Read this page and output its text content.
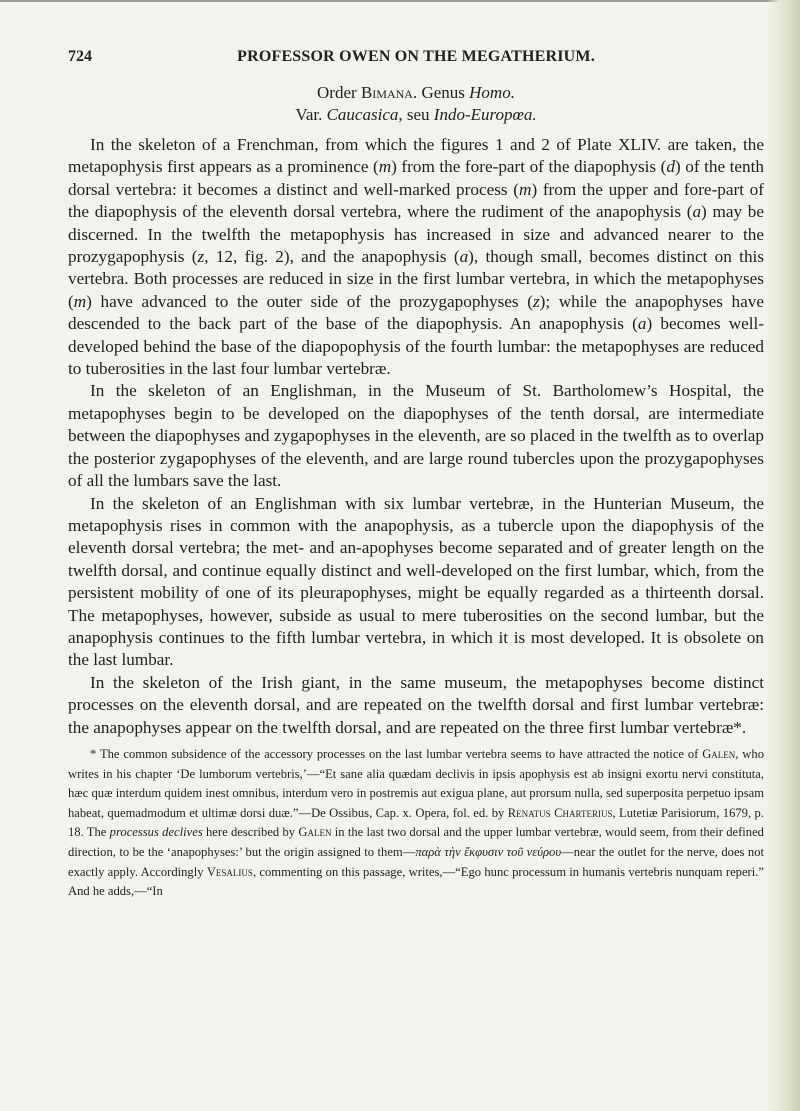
724	PROFESSOR OWEN ON THE MEGATHERIUM.
Order Bimana. Genus Homo.
Var. Caucasica, seu Indo-Europœa.

In the skeleton of a Frenchman, from which the figures 1 and 2 of Plate XLIV. are taken, the metapophysis first appears as a prominence (m) from the fore-part of the diapophysis (d) of the tenth dorsal vertebra: it becomes a distinct and well-marked process (m) from the upper and fore-part of the diapophysis of the eleventh dorsal vertebra, where the rudiment of the anapophysis (a) may be discerned. In the twelfth the metapophysis has increased in size and advanced nearer to the prozygapophysis (z, 12, fig. 2), and the anapophysis (a), though small, becomes distinct on this vertebra. Both processes are reduced in size in the first lumbar vertebra, in which the metapophyses (m) have advanced to the outer side of the prozygapophyses (z); while the anapophyses have descended to the back part of the base of the diapophysis. An anapophysis (a) becomes well-developed behind the base of the diapopophysis of the fourth lumbar: the metapophyses are reduced to tuberosities in the last four lumbar vertebræ.

In the skeleton of an Englishman, in the Museum of St. Bartholomew’s Hospital, the metapophyses begin to be developed on the diapophyses of the tenth dorsal, are intermediate between the diapophyses and zygapophyses in the eleventh, are so placed in the twelfth as to overlap the posterior zygapophyses of the eleventh, and are large round tubercles upon the prozygapophyses of all the lumbars save the last.

In the skeleton of an Englishman with six lumbar vertebræ, in the Hunterian Museum, the metapophysis rises in common with the anapophysis, as a tubercle upon the diapophysis of the eleventh dorsal vertebra; the met- and an-apophyses become separated and of greater length on the twelfth dorsal, and continue equally distinct and well-developed on the first lumbar, which, from the persistent mobility of one of its pleurapophyses, might be equally regarded as a thirteenth dorsal. The metapophyses, however, subside as usual to mere tuberosities on the second lumbar, but the anapophysis continues to the fifth lumbar vertebra, in which it is most developed. It is obsolete on the last lumbar.

In the skeleton of the Irish giant, in the same museum, the metapophyses become distinct processes on the eleventh dorsal, and are repeated on the twelfth dorsal and first lumbar vertebræ: the anapophyses appear on the twelfth dorsal, and are repeated on the three first lumbar vertebræ*.

* The common subsidence of the accessory processes on the last lumbar vertebra seems to have attracted the notice of Galen, who writes in his chapter ‘De lumborum vertebris,’—“Et sane alia quædam declivis in ipsis apophysis est ab insigni exortu nervi constituta, hæc quæ interdum quidem inest omnibus, interdum vero in postremis aut exigua plane, aut prorsum nulla, sed superposita perpetuo ipsam habeat, quemadmodum et ultimæ dorsi duæ.”—De Ossibus, Cap. x. Opera, fol. ed. by Renatus Charterius, Lutetiæ Parisiorum, 1679, p. 18. The processus declives here described by Galen in the last two dorsal and the upper lumbar vertebræ, would seem, from their defined direction, to be the ‘anapophyses:’ but the origin assigned to them—παρὰ τὴν ἔκφυσιν τοῦ νεύρου—near the outlet for the nerve, does not exactly apply. Accordingly Vesalius, commenting on this passage, writes,—“Ego hunc processum in humanis vertebris nunquam reperi.” And he adds,—“In
